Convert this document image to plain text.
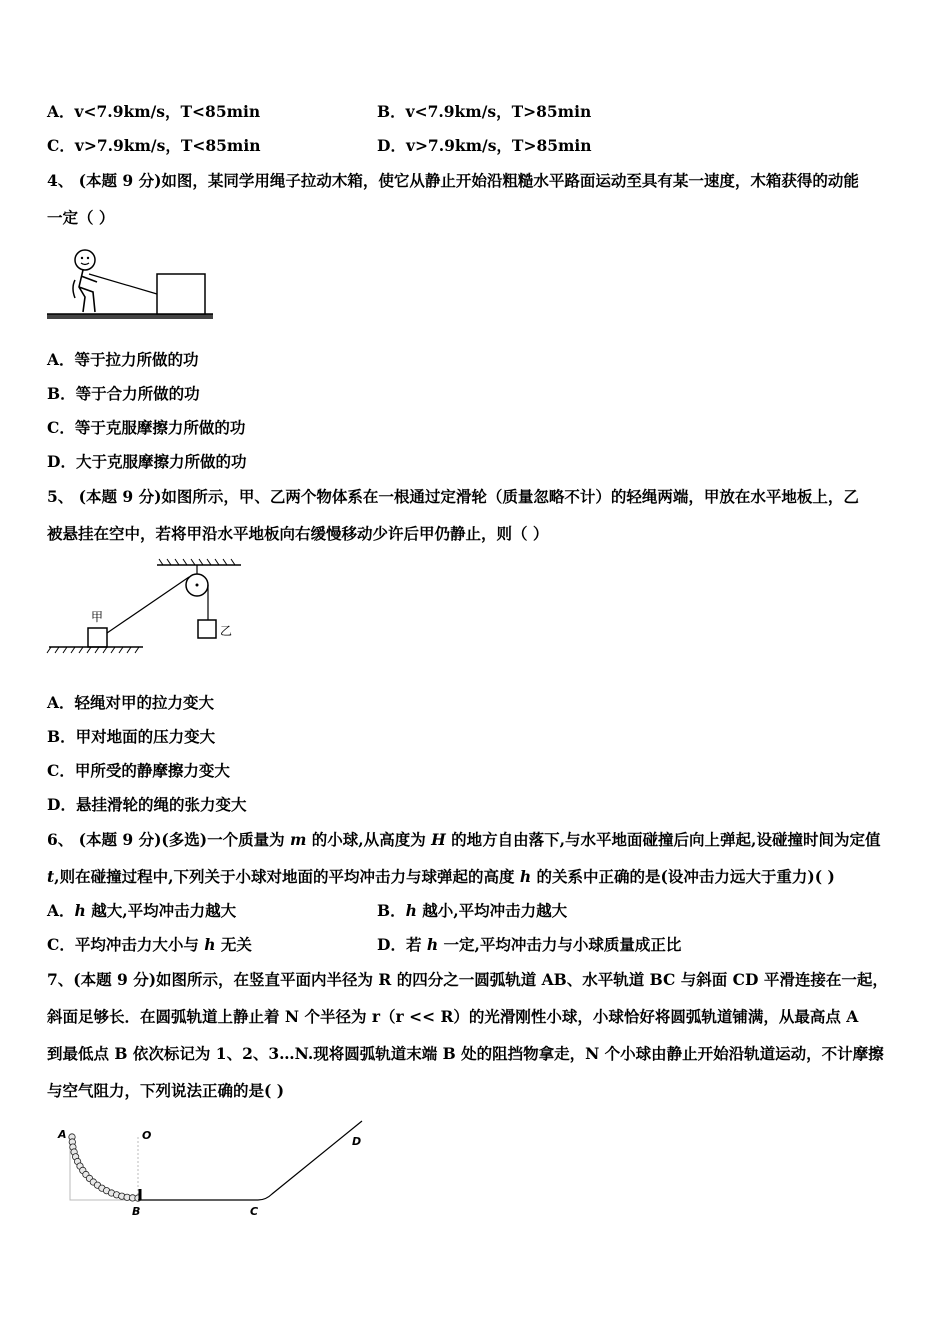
A．v<7.9km/s，T<85min	B．v<7.9km/s，T>85min
C．v>7.9km/s，T<85min	D．v>7.9km/s，T>85min
4、 (本题 9 分)如图，某同学用绳子拉动木箱，使它从静止开始沿粗糙水平路面运动至具有某一速度，木箱获得的动能
一定（ ）
A．等于拉力所做的功
B．等于合力所做的功
C．等于克服摩擦力所做的功
D．大于克服摩擦力所做的功
5、 (本题 9 分)如图所示，甲、乙两个物体系在一根通过定滑轮（质量忽略不计）的轻绳两端，甲放在水平地板上，乙
被悬挂在空中，若将甲沿水平地板向右缓慢移动少许后甲仍静止，则（ ）
甲
乙
A．轻绳对甲的拉力变大
B．甲对地面的压力变大
C．甲所受的静摩擦力变大
D．悬挂滑轮的绳的张力变大
6、 (本题 9 分)(多选)一个质量为 m 的小球,从高度为 H 的地方自由落下,与水平地面碰撞后向上弹起,设碰撞时间为定值
t,则在碰撞过程中,下列关于小球对地面的平均冲击力与球弹起的高度 h 的关系中正确的是(设冲击力远大于重力)( )
A．h 越大,平均冲击力越大	B．h 越小,平均冲击力越大
C．平均冲击力大小与 h 无关	D．若 h 一定,平均冲击力与小球质量成正比
7、(本题 9 分)如图所示，在竖直平面内半径为 R 的四分之一圆弧轨道 AB、水平轨道 BC 与斜面 CD 平滑连接在一起，
斜面足够长．在圆弧轨道上静止着 N 个半径为 r（r << R）的光滑刚性小球，小球恰好将圆弧轨道铺满，从最高点 A
到最低点 B 依次标记为 1、2、3…N.现将圆弧轨道末端 B 处的阻挡物拿走，N 个小球由静止开始沿轨道运动，不计摩擦
与空气阻力，下列说法正确的是( )
A	O
B	C
D
